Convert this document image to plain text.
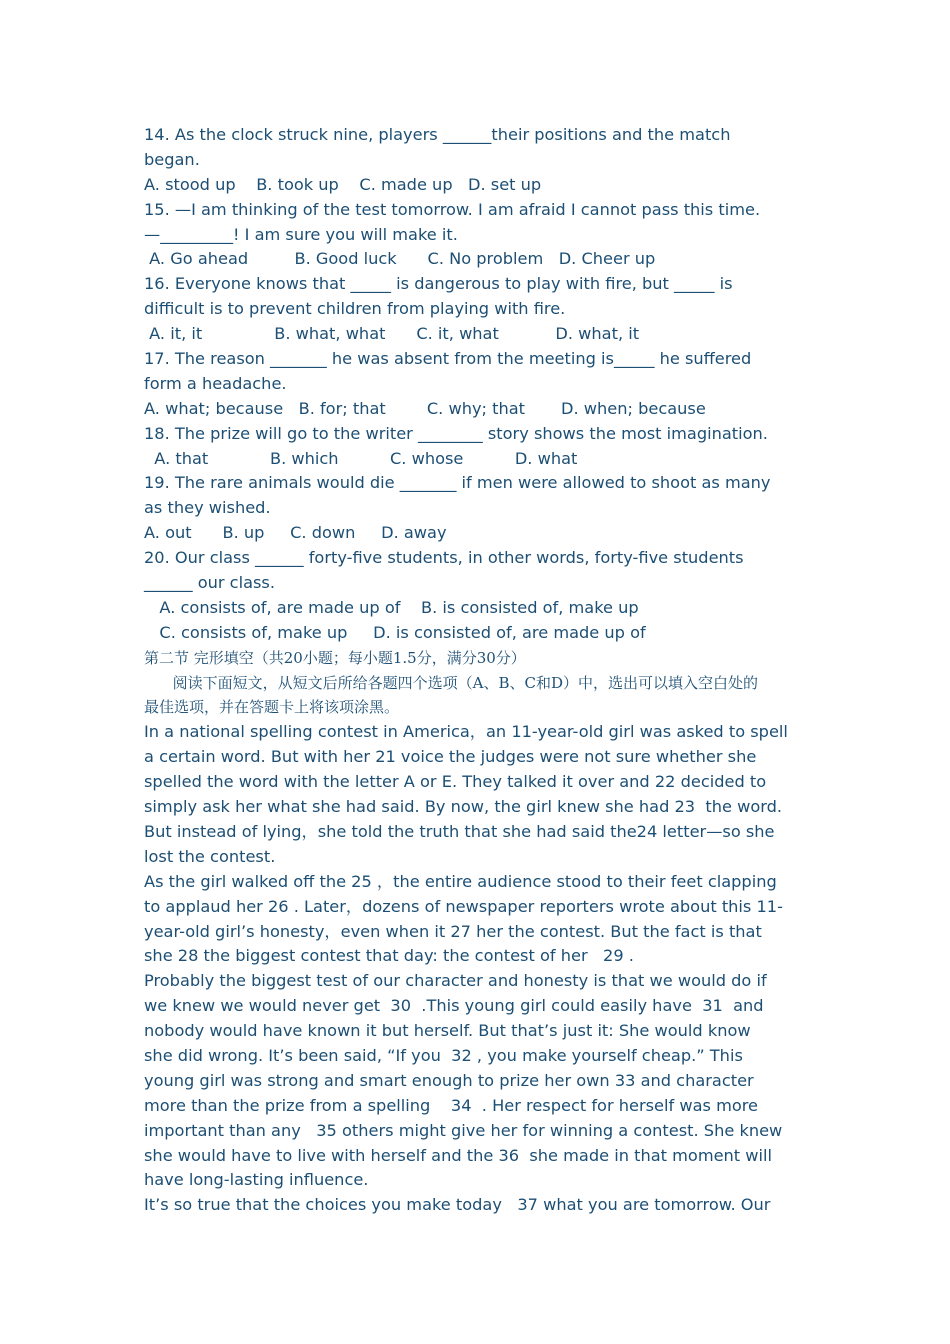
14. As the clock struck nine, players ______their positions and the match
began.
A. stood up    B. took up    C. made up   D. set up
15. —I am thinking of the test tomorrow. I am afraid I cannot pass this time.
—_________! I am sure you will make it.
A. Go ahead         B. Good luck      C. No problem   D. Cheer up
16. Everyone knows that _____ is dangerous to play with fire, but _____ is
difficult is to prevent children from playing with fire.
A. it, it              B. what, what      C. it, what           D. what, it
17. The reason _______ he was absent from the meeting is_____ he suffered
form a headache.
A. what; because   B. for; that        C. why; that       D. when; because
18. The prize will go to the writer ________ story shows the most imagination.
A. that            B. which          C. whose          D. what
19. The rare animals would die _______ if men were allowed to shoot as many
as they wished.
A. out      B. up     C. down     D. away
20. Our class ______ forty-five students, in other words, forty-five students
______ our class.
A. consists of, are made up of    B. is consisted of, make up
C. consists of, make up     D. is consisted of, are made up of
第二节 完形填空（共20小题；每小题1.5分，满分30分）
阅读下面短文，从短文后所给各题四个选项（A、B、C和D）中，选出可以填入空白处的
最佳选项，并在答题卡上将该项涂黑。
In a national spelling contest in America，an 11-year-old girl was asked to spell
a certain word. But with her 21 voice the judges were not sure whether she
spelled the word with the letter A or E. They talked it over and 22 decided to
simply ask her what she had said. By now, the girl knew she had 23  the word.
But instead of lying，she told the truth that she had said the24 letter—so she
lost the contest.
As the girl walked off the 25 ，the entire audience stood to their feet clapping
to applaud her 26 . Later，dozens of newspaper reporters wrote about this 11-
year-old girl’s honesty，even when it 27 her the contest. But the fact is that
she 28 the biggest contest that day: the contest of her   29 .
Probably the biggest test of our character and honesty is that we would do if
we knew we would never get  30  .This young girl could easily have  31  and
nobody would have known it but herself. But that’s just it: She would know
she did wrong. It’s been said, “If you  32 , you make yourself cheap.” This
young girl was strong and smart enough to prize her own 33 and character
more than the prize from a spelling    34  . Her respect for herself was more
important than any   35 others might give her for winning a contest. She knew
she would have to live with herself and the 36  she made in that moment will
have long-lasting influence.
It’s so true that the choices you make today   37 what you are tomorrow. Our
